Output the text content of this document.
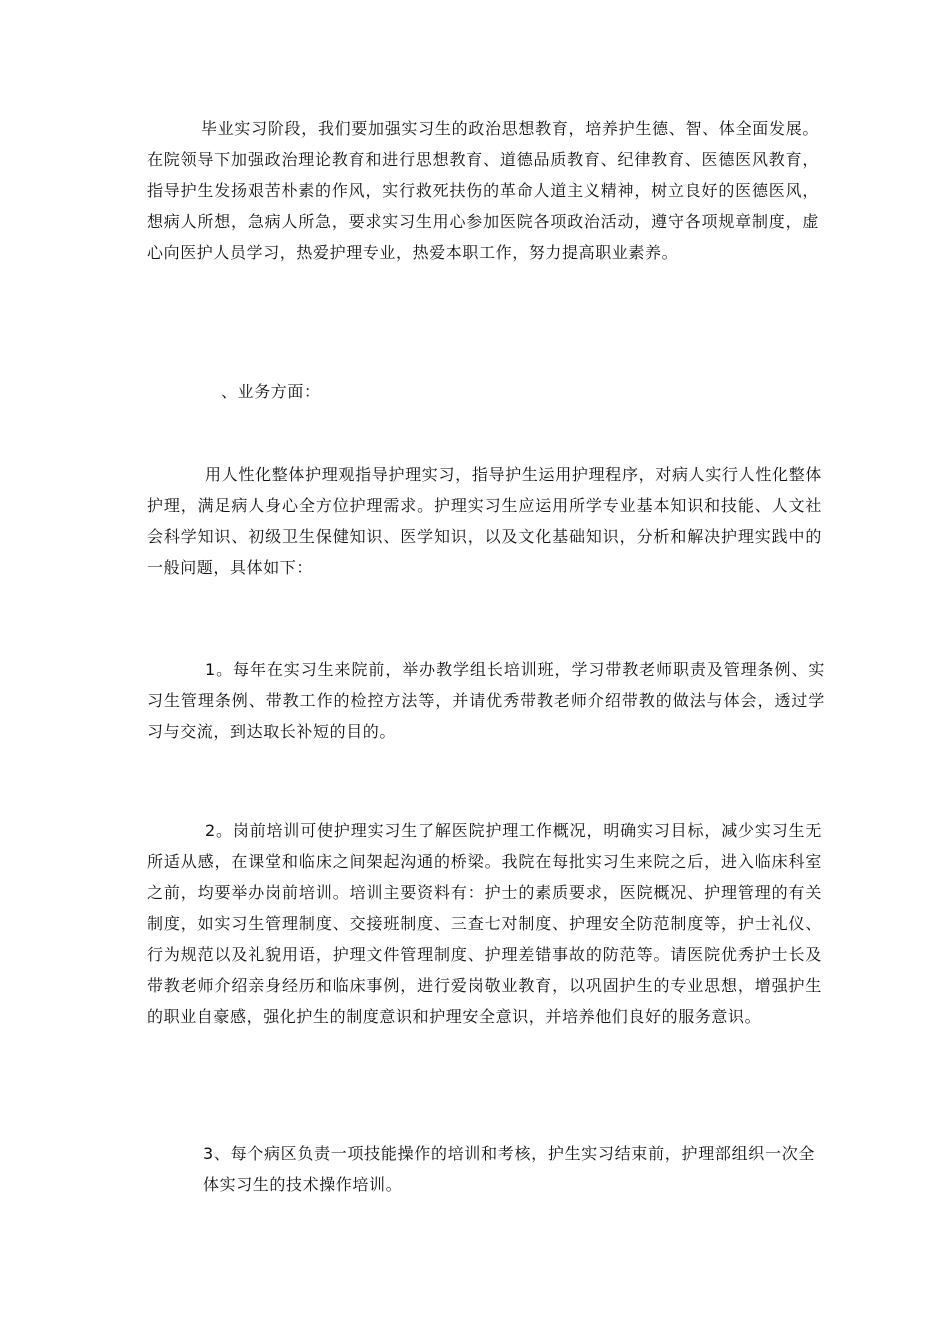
毕业实习阶段，我们要加强实习生的政治思想教育，培养护生德、智、体全面发展。在院领导下加强政治理论教育和进行思想教育、道德品质教育、纪律教育、医德医风教育，指导护生发扬艰苦朴素的作风，实行救死扶伤的革命人道主义精神，树立良好的医德医风，想病人所想，急病人所急，要求实习生用心参加医院各项政治活动，遵守各项规章制度，虚心向医护人员学习，热爱护理专业，热爱本职工作，努力提高职业素养。

、业务方面：

用人性化整体护理观指导护理实习，指导护生运用护理程序，对病人实行人性化整体护理，满足病人身心全方位护理需求。护理实习生应运用所学专业基本知识和技能、人文社会科学知识、初级卫生保健知识、医学知识，以及文化基础知识，分析和解决护理实践中的一般问题，具体如下：

1。每年在实习生来院前，举办教学组长培训班，学习带教老师职责及管理条例、实习生管理条例、带教工作的检控方法等，并请优秀带教老师介绍带教的做法与体会，透过学习与交流，到达取长补短的目的。

2。岗前培训可使护理实习生了解医院护理工作概况，明确实习目标，减少实习生无所适从感，在课堂和临床之间架起沟通的桥梁。我院在每批实习生来院之后，进入临床科室之前，均要举办岗前培训。培训主要资料有：护士的素质要求，医院概况、护理管理的有关制度，如实习生管理制度、交接班制度、三查七对制度、护理安全防范制度等，护士礼仪、行为规范以及礼貌用语，护理文件管理制度、护理差错事故的防范等。请医院优秀护士长及带教老师介绍亲身经历和临床事例，进行爱岗敬业教育，以巩固护生的专业思想，增强护生的职业自豪感，强化护生的制度意识和护理安全意识，并培养他们良好的服务意识。

3、每个病区负责一项技能操作的培训和考核，护生实习结束前，护理部组织一次全体实习生的技术操作培训。
